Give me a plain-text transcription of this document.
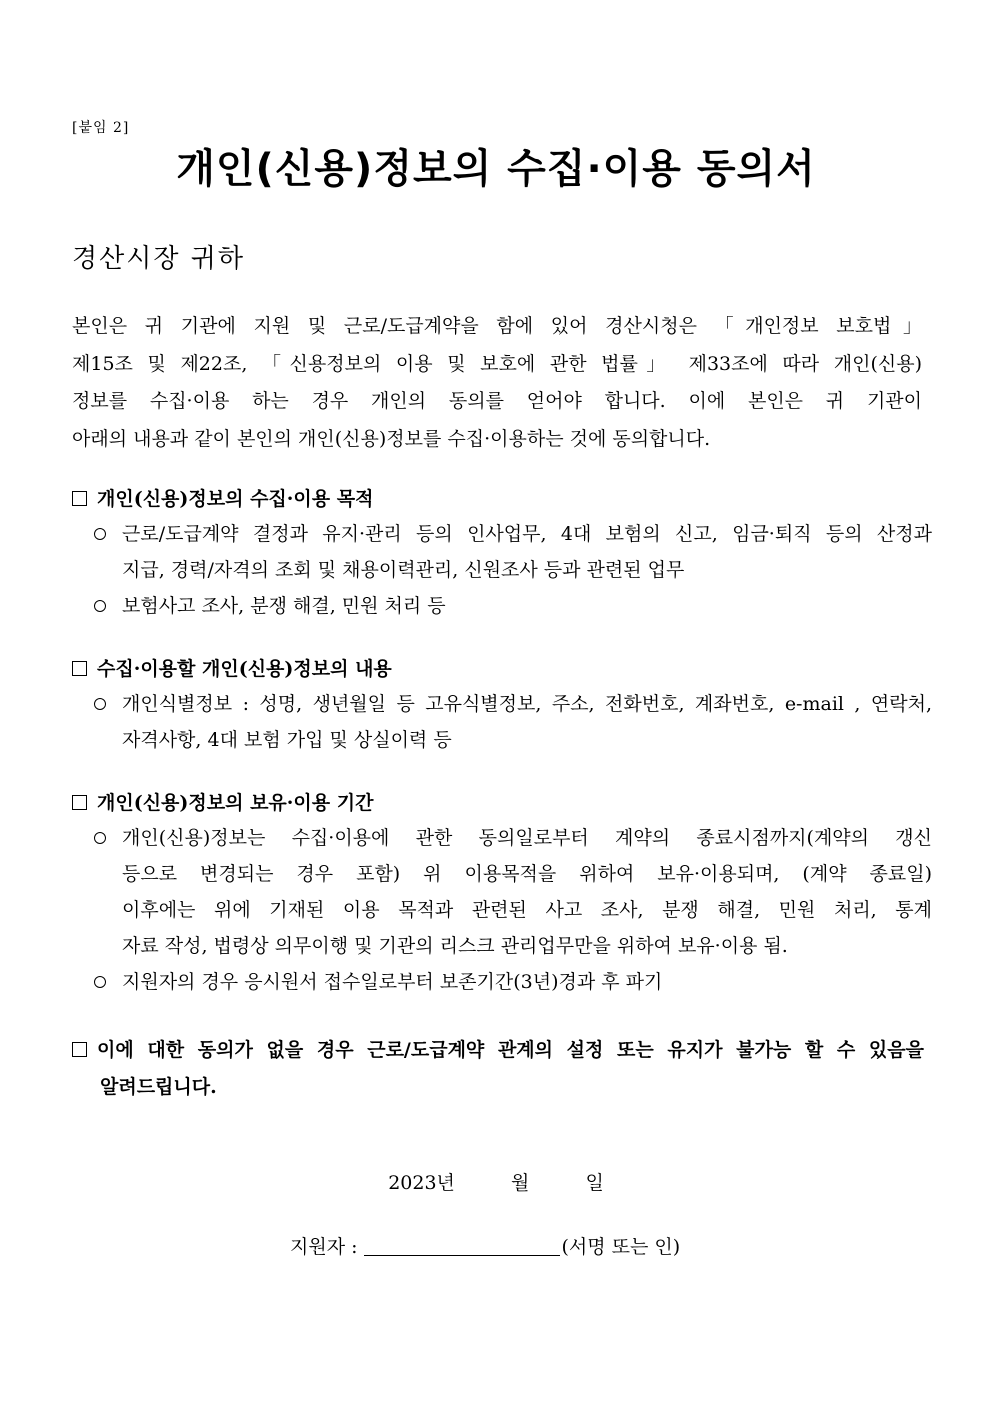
[붙임 2]
개인(신용)정보의 수집·이용 동의서
경산시장 귀하
본인은 귀 기관에 지원 및 근로/도급계약을 함에 있어 경산시청은 「개인정보 보호법」
제15조 및 제22조, 「신용정보의 이용 및 보호에 관한 법률」 제33조에 따라 개인(신용)
정보를 수집·이용 하는 경우 개인의 동의를 얻어야 합니다. 이에 본인은 귀 기관이
아래의 내용과 같이 본인의 개인(신용)정보를 수집·이용하는 것에 동의합니다.
개인(신용)정보의 수집·이용 목적
근로/도급계약 결정과 유지·관리 등의 인사업무, 4대 보험의 신고, 임금·퇴직 등의 산정과
지급, 경력/자격의 조회 및 채용이력관리, 신원조사 등과 관련된 업무
보험사고 조사, 분쟁 해결, 민원 처리 등
수집·이용할 개인(신용)정보의 내용
개인식별정보 : 성명, 생년월일 등 고유식별정보, 주소, 전화번호, 계좌번호, e-mail , 연락처,
자격사항, 4대 보험 가입 및 상실이력 등
개인(신용)정보의 보유·이용 기간
개인(신용)정보는 수집·이용에 관한 동의일로부터 계약의 종료시점까지(계약의 갱신
등으로 변경되는 경우 포함) 위 이용목적을 위하여 보유·이용되며, (계약 종료일)
이후에는 위에 기재된 이용 목적과 관련된 사고 조사, 분쟁 해결, 민원 처리, 통계
자료 작성, 법령상 의무이행 및 기관의 리스크 관리업무만을 위하여 보유·이용 됨.
지원자의 경우 응시원서 접수일로부터 보존기간(3년)경과 후 파기
이에 대한 동의가 없을 경우 근로/도급계약 관계의 설정 또는 유지가 불가능 할 수 있음을
알려드립니다.
2023년	월	일
지원자 :	(서명 또는 인)
